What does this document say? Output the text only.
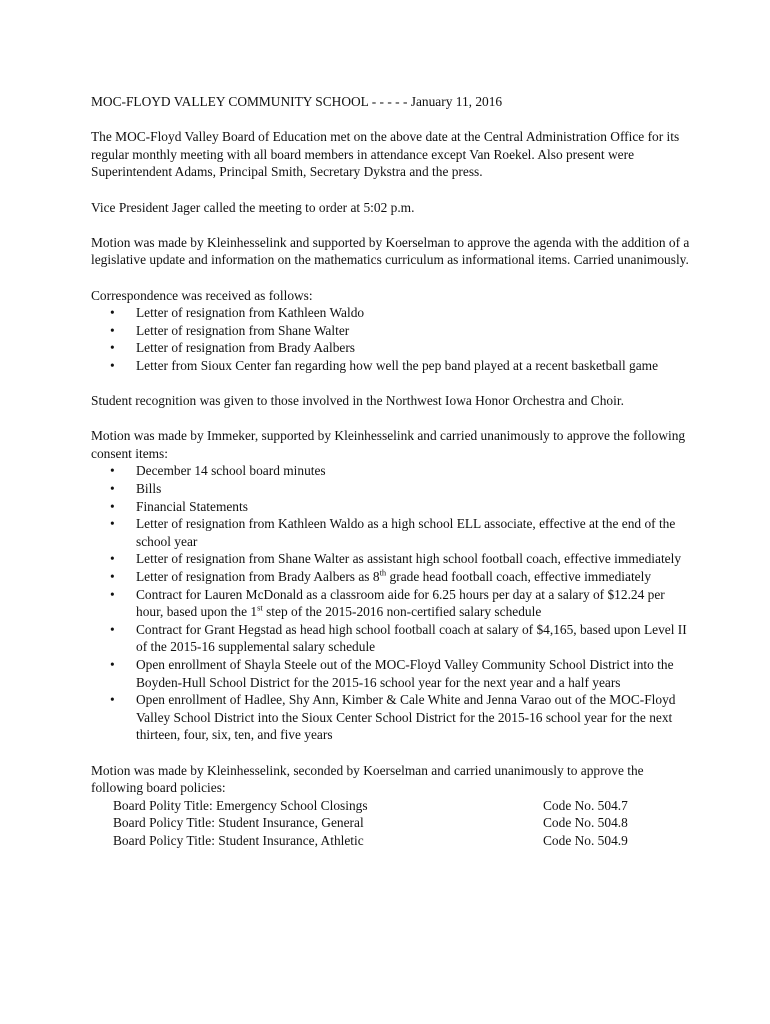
MOC-FLOYD VALLEY COMMUNITY SCHOOL - - - - - January 11, 2016

The MOC-Floyd Valley Board of Education met on the above date at the Central Administration Office for its regular monthly meeting with all board members in attendance except Van Roekel. Also present were Superintendent Adams, Principal Smith, Secretary Dykstra and the press.

Vice President Jager called the meeting to order at 5:02 p.m.

Motion was made by Kleinhesselink and supported by Koerselman to approve the agenda with the addition of a legislative update and information on the mathematics curriculum as informational items. Carried unanimously.

Correspondence was received as follows:

• Letter of resignation from Kathleen Waldo
• Letter of resignation from Shane Walter
• Letter of resignation from Brady Aalbers
• Letter from Sioux Center fan regarding how well the pep band played at a recent basketball game

Student recognition was given to those involved in the Northwest Iowa Honor Orchestra and Choir.

Motion was made by Immeker, supported by Kleinhesselink and carried unanimously to approve the following consent items:

• December 14 school board minutes
• Bills
• Financial Statements
• Letter of resignation from Kathleen Waldo as a high school ELL associate, effective at the end of the school year
• Letter of resignation from Shane Walter as assistant high school football coach, effective immediately
• Letter of resignation from Brady Aalbers as 8th grade head football coach, effective immediately
• Contract for Lauren McDonald as a classroom aide for 6.25 hours per day at a salary of $12.24 per hour, based upon the 1st step of the 2015-2016 non-certified salary schedule
• Contract for Grant Hegstad as head high school football coach at salary of $4,165, based upon Level II of the 2015-16 supplemental salary schedule
• Open enrollment of Shayla Steele out of the MOC-Floyd Valley Community School District into the Boyden-Hull School District for the 2015-16 school year for the next year and a half years
• Open enrollment of Hadlee, Shy Ann, Kimber & Cale White and Jenna Varao out of the MOC-Floyd Valley School District into the Sioux Center School District for the 2015-16 school year for the next thirteen, four, six, ten, and five years

Motion was made by Kleinhesselink, seconded by Koerselman and carried unanimously to approve the following board policies:

Board Polity Title: Emergency School Closings	Code No. 504.7
Board Policy Title: Student Insurance, General	Code No. 504.8
Board Policy Title: Student Insurance, Athletic	Code No. 504.9
